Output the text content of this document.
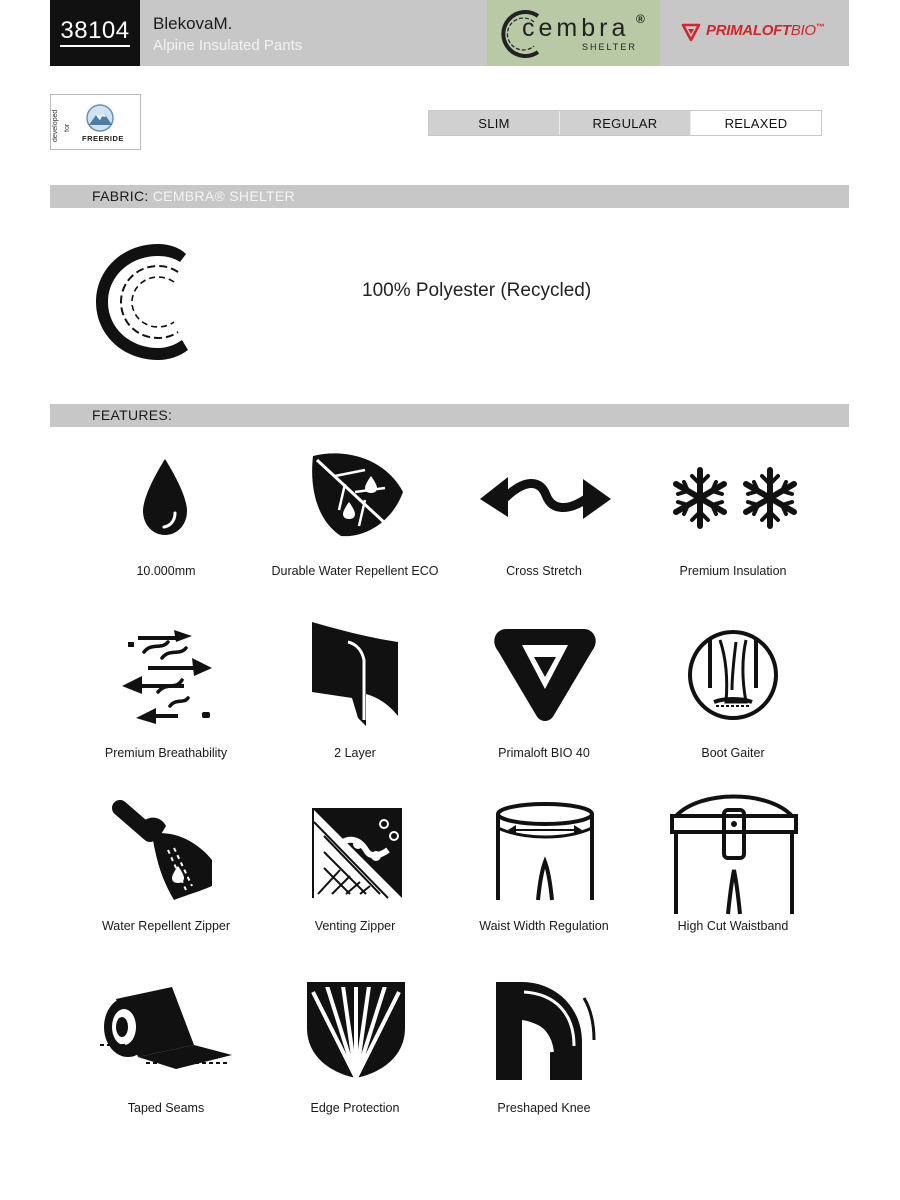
38104 BlekovaM.
Alpine Insulated Pants
cembra ®
SHELTER
PRIMALOFTBIO™
developed for
FREERIDE
SLIM	REGULAR	RELAXED
FABRIC: CEMBRA® SHELTER
100% Polyester (Recycled)
FEATURES:
10.000mm	Durable Water Repellent ECO	Cross Stretch	Premium Insulation
Premium Breathability	2 Layer	Primaloft BIO 40	Boot Gaiter
Water Repellent Zipper	Venting Zipper	Waist Width Regulation	High Cut Waistband
Taped Seams	Edge Protection	Preshaped Knee
